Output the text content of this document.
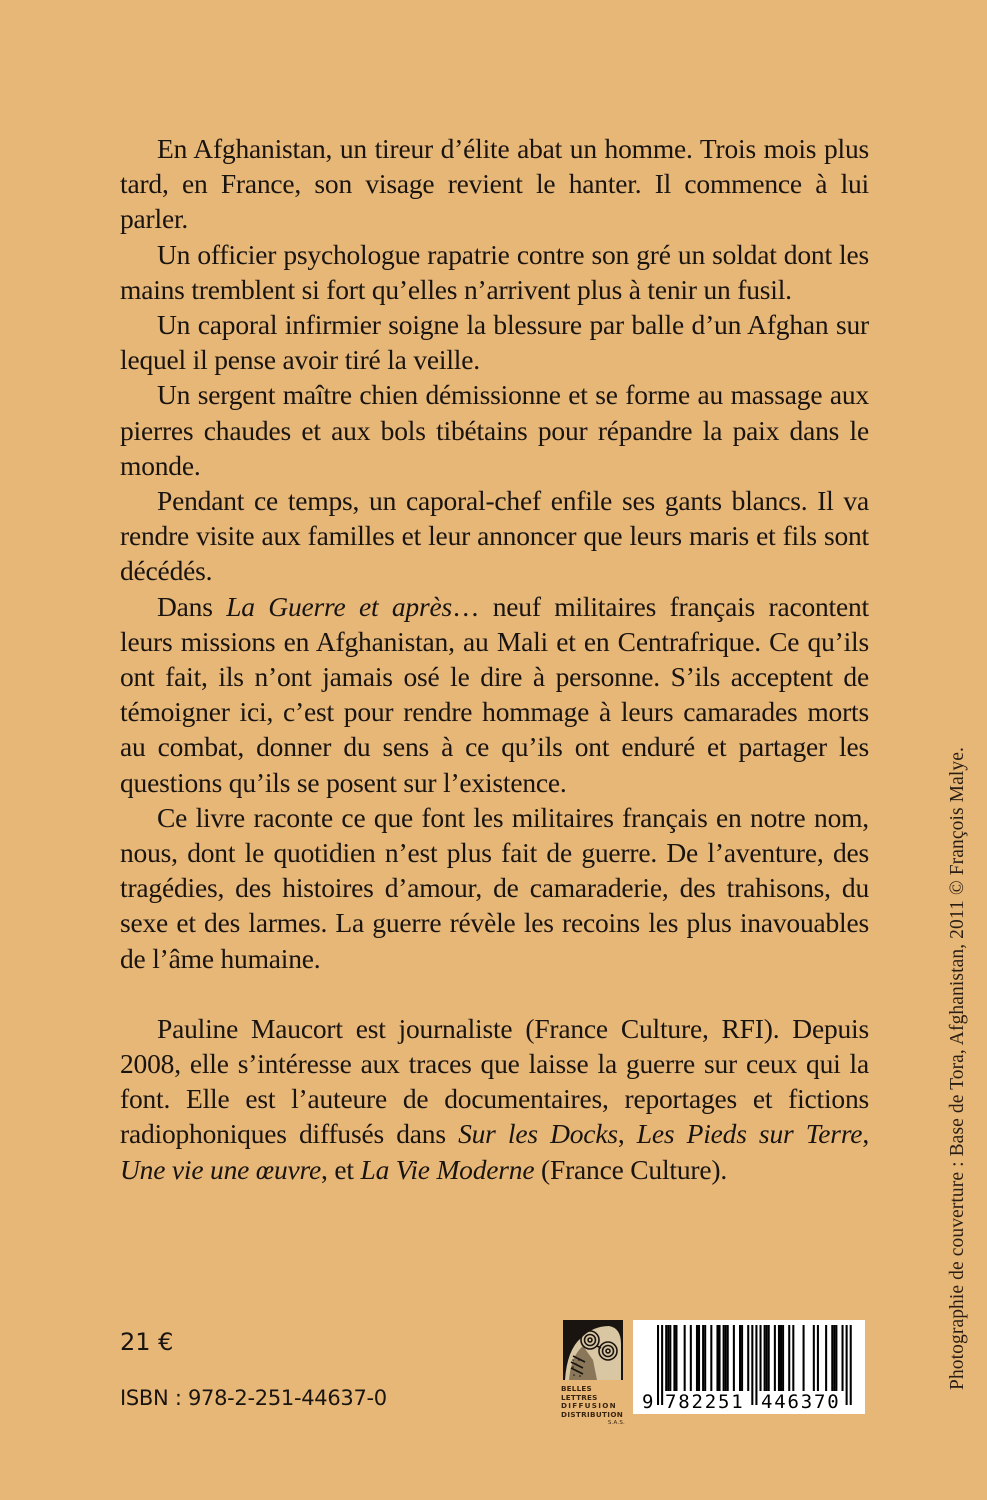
En Afghanistan, un tireur d’élite abat un homme. Trois mois plus tard, en France, son visage revient le hanter. Il commence à lui parler.

Un officier psychologue rapatrie contre son gré un soldat dont les mains tremblent si fort qu’elles n’arrivent plus à tenir un fusil.

Un caporal infirmier soigne la blessure par balle d’un Afghan sur lequel il pense avoir tiré la veille.

Un sergent maître chien démissionne et se forme au massage aux pierres chaudes et aux bols tibétains pour répandre la paix dans le monde.

Pendant ce temps, un caporal-chef enfile ses gants blancs. Il va rendre visite aux familles et leur annoncer que leurs maris et fils sont décédés.

Dans La Guerre et après… neuf militaires français racontent leurs missions en Afghanistan, au Mali et en Centrafrique. Ce qu’ils ont fait, ils n’ont jamais osé le dire à personne. S’ils acceptent de témoigner ici, c’est pour rendre hommage à leurs camarades morts au combat, donner du sens à ce qu’ils ont enduré et partager les questions qu’ils se posent sur l’existence.

Ce livre raconte ce que font les militaires français en notre nom, nous, dont le quotidien n’est plus fait de guerre. De l’aventure, des tragédies, des histoires d’amour, de camaraderie, des trahisons, du sexe et des larmes. La guerre révèle les recoins les plus inavouables de l’âme humaine.

Pauline Maucort est journaliste (France Culture, RFI). Depuis 2008, elle s’intéresse aux traces que laisse la guerre sur ceux qui la font. Elle est l’auteure de documentaires, reportages et fictions radiophoniques diffusés dans Sur les Docks, Les Pieds sur Terre, Une vie une œuvre, et La Vie Moderne (France Culture).

21 €
ISBN : 978-2-251-44637-0	BELLES LETTRES
DIFFUSION
DISTRIBUTION
S.A.S.
9 782251 446370
Photographie de couverture : Base de Tora, Afghanistan, 2011 © François Malye.
